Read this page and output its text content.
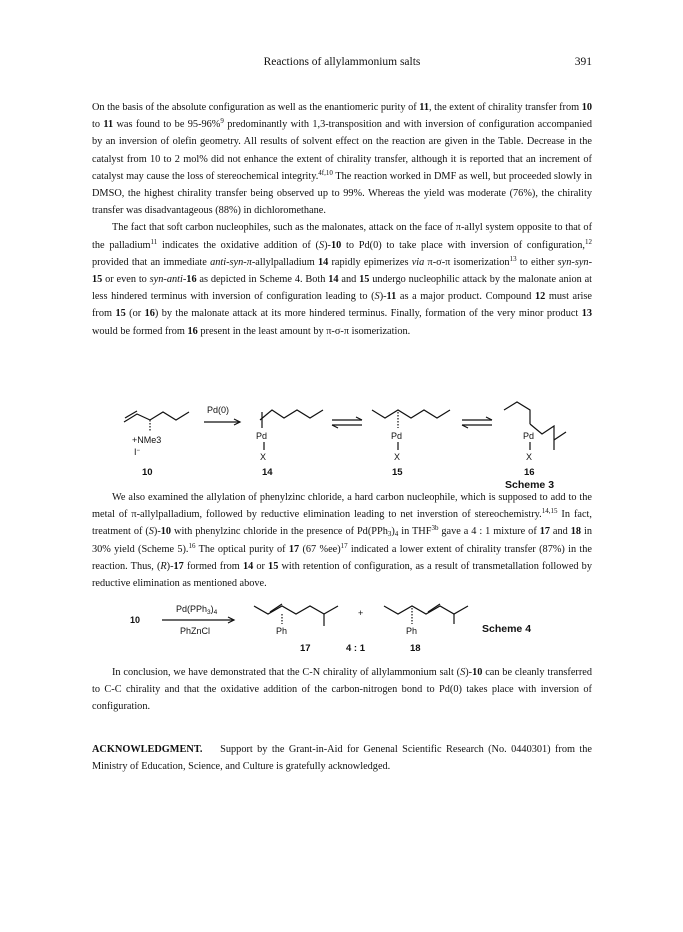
Reactions of allylammonium salts	391

On the basis of the absolute configuration as well as the enantiomeric purity of 11, the extent of chirality transfer from 10 to 11 was found to be 95-96%$^9$ predominantly with 1,3-transposition and with inversion of configuration accompanied by an inversion of olefin geometry. All results of solvent effect on the reaction are given in the Table. Decrease in the catalyst from 10 to 2 mol% did not enhance the extent of chirality transfer, although it is reported that an increment of catalyst may cause the loss of stereochemical integrity.$^{4f,10}$ The reaction worked in DMF as well, but proceeded slowly in DMSO, the highest chirality transfer being observed up to 99%. Whereas the yield was moderate (76%), the chirality transfer was disadvantageous (88%) in dichloromethane.

The fact that soft carbon nucleophiles, such as the malonates, attack on the face of π-allyl system opposite to that of the palladium$^{11}$ indicates the oxidative addition of (S)-10 to Pd(0) to take place with inversion of configuration,$^{12}$ provided that an immediate anti-syn-π-allylpalladium 14 rapidly epimerizes via π-σ-π isomerization$^{13}$ to either syn-syn-15 or even to syn-anti-16 as depicted in Scheme 4. Both 14 and 15 undergo nucleophilic attack by the malonate anion at less hindered terminus with inversion of configuration leading to (S)-11 as a major product. Compound 12 must arise from 15 (or 16) by the malonate attack at its more hindered terminus. Finally, formation of the very minor product 13 would be formed from 16 present in the least amount by π-σ-π isomerization.

Pd(0)
+NMe3
I−
Pd
X
Pd
X
Pd
X
10	14	15	16
Scheme 3

We also examined the allylation of phenylzinc chloride, a hard carbon nucleophile, which is supposed to add to the metal of π-allylpalladium, followed by reductive elimination leading to net inverstion of stereochemistry.$^{14,15}$ In fact, treatment of (S)-10 with phenylzinc chloride in the presence of $Pd(PPh_3)_4$ in $THF^{3b}$ gave a 4 : 1 mixture of 17 and 18 in 30% yield (Scheme 5).$^{16}$ The optical purity of 17 (67 %ee)$^{17}$ indicated a lower extent of chirality transfer (87%) in the reaction. Thus, (R)-17 formed from 14 or 15 with retention of configuration, as a result of transmetallation followed by reductive elimination as mentioned above.

10
$Pd(PPh_3)_4$
PhZnCl	Ph
+
Ph	Scheme 4
17	4 : 1	18

In conclusion, we have demonstrated that the C-N chirality of allylammonium salt (S)-10 can be cleanly transferred to C-C chirality and that the oxidative addition of the carbon-nitrogen bond to Pd(0) takes place with inversion of configuration.

ACKNOWLEDGMENT. Support by the Grant-in-Aid for Genenal Scientific Research (No. 0440301) from the Ministry of Education, Science, and Culture is gratefully acknowledged.
